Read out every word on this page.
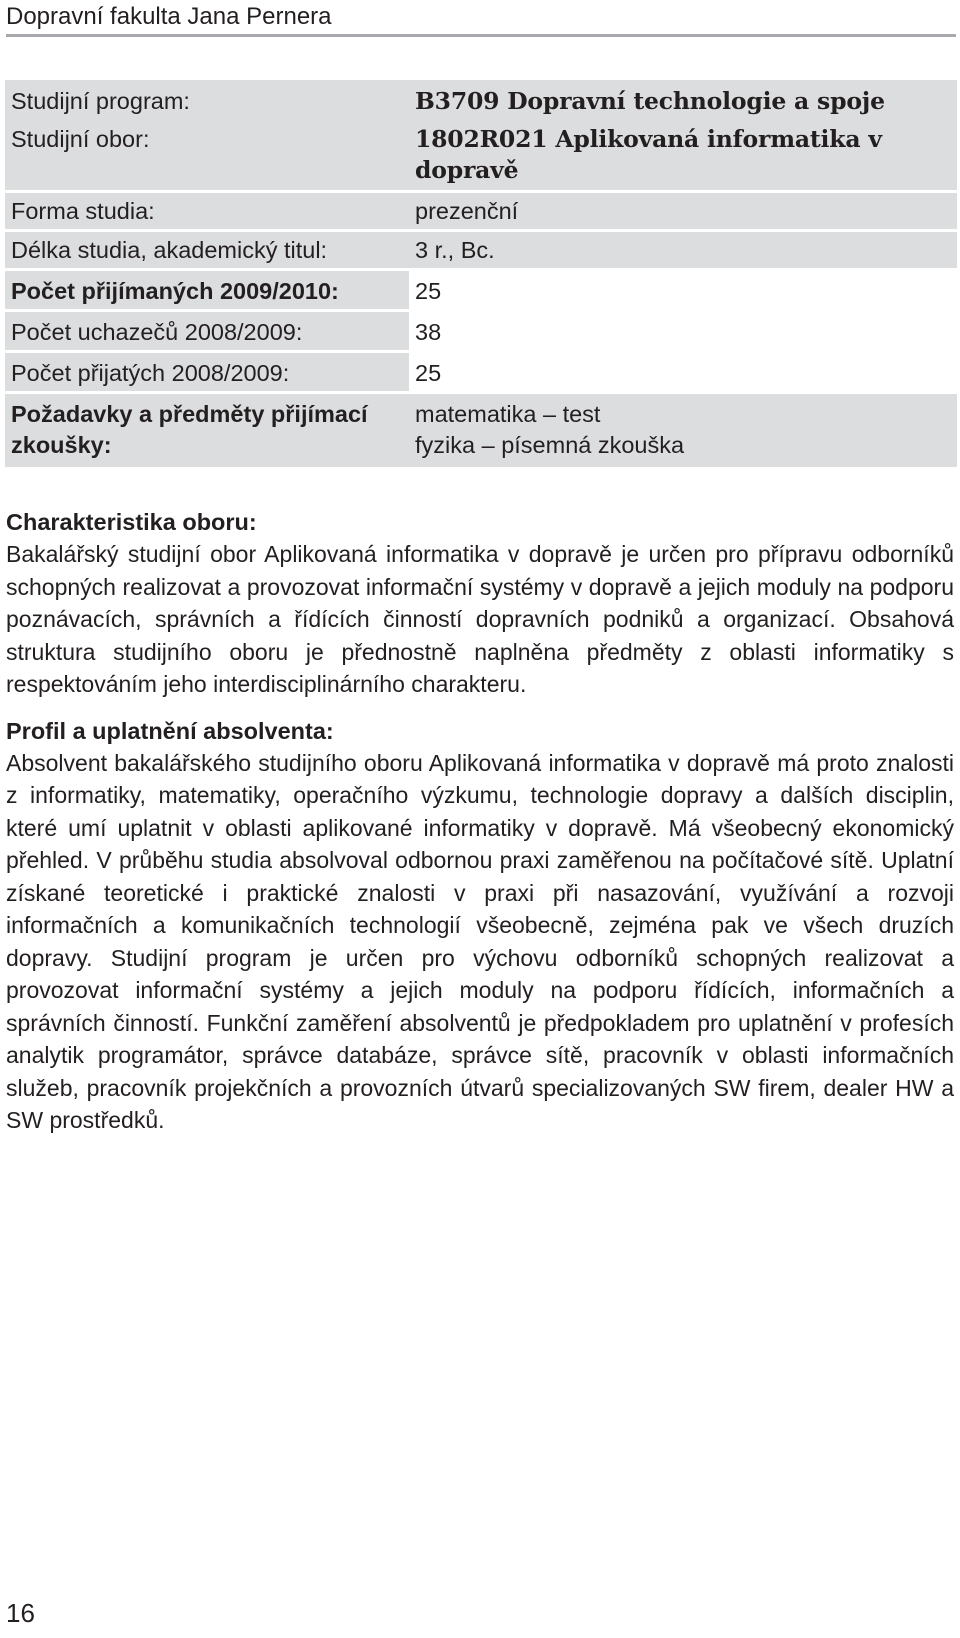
Dopravní fakulta Jana Pernera
Studijní program:	B3709 Dopravní technologie a spoje
Studijní obor:	1802R021 Aplikovaná informatika v dopravě
Forma studia:	prezenční
Délka studia, akademický titul:	3 r., Bc.
Počet přijímaných 2009/2010:	25
Počet uchazečů 2008/2009:	38
Počet přijatých 2008/2009:	25
Požadavky a předměty přijímací zkoušky:	matematika – test
fyzika – písemná zkouška
Charakteristika oboru:

Bakalářský studijní obor Aplikovaná informatika v dopravě je určen pro přípravu odborníků schopných realizovat a provozovat informační systémy v dopravě a jejich moduly na podporu poznávacích, správních a řídících činností dopravních podniků a organizací. Obsahová struktura studijního oboru je přednostně naplněna předměty z oblasti informatiky s respektováním jeho interdisciplinárního charakteru.

Profil a uplatnění absolventa:

Absolvent bakalářského studijního oboru Aplikovaná informatika v dopravě má proto znalosti z informatiky, matematiky, operačního výzkumu, technologie dopravy a dalších disciplin, které umí uplatnit v oblasti aplikované informatiky v dopravě. Má všeobecný ekonomický přehled. V průběhu studia absolvoval odbornou praxi zaměřenou na počítačové sítě. Uplatní získané teoretické i praktické znalosti v praxi při nasazování, využívání a rozvoji informačních a komunikačních technologií všeobecně, zejména pak ve všech druzích dopravy. Studijní program je určen pro výchovu odborníků schopných realizovat a provozovat informační systémy a jejich moduly na podporu řídících, informačních a správních činností. Funkční zaměření absolventů je předpokladem pro uplatnění v profesích analytik programátor, správce databáze, správce sítě, pracovník v oblasti informačních služeb, pracovník projekčních a provozních útvarů specializovaných SW firem, dealer HW a SW prostředků.

16
